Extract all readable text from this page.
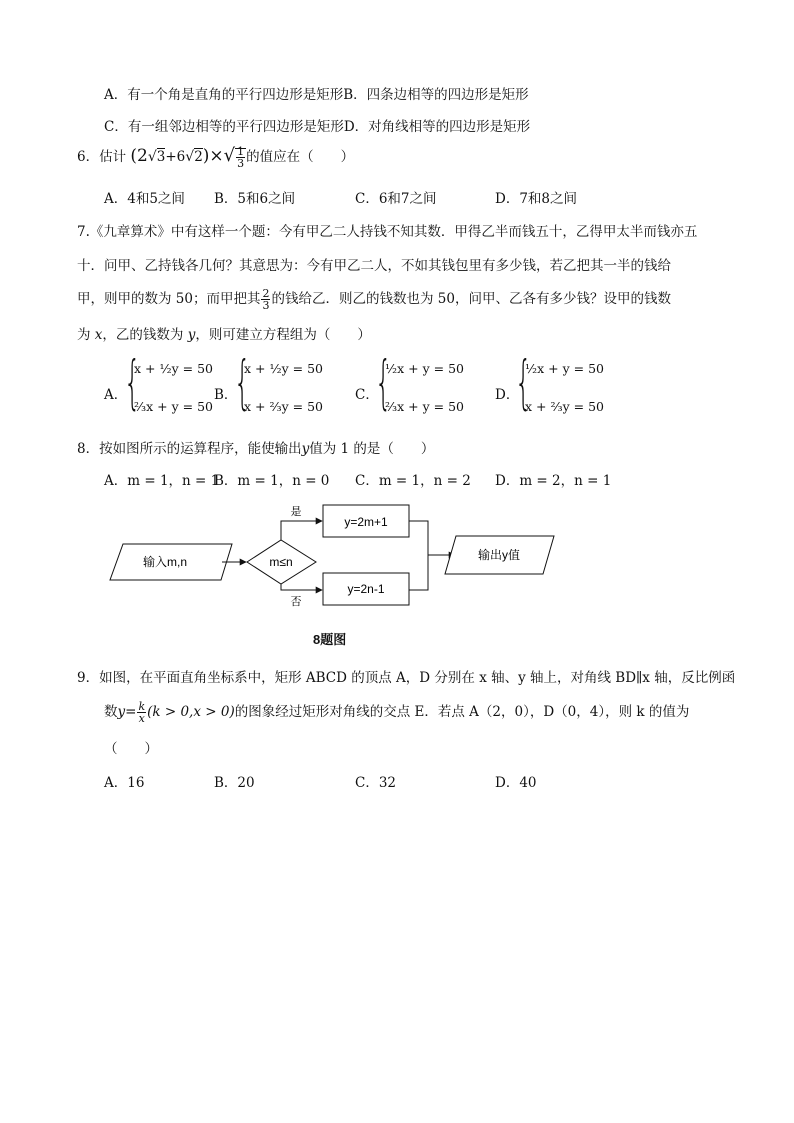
A．有一个角是直角的平行四边形是矩形B．四条边相等的四边形是矩形
C．有一组邻边相等的平行四边形是矩形D．对角线相等的四边形是矩形
6．估计 $(2√3+6√2)\times√ \frac{1}{3}$ 的值应在（　　）
A．4和5之间 B．5和6之间	C．6和7之间	D．7和8之间
7.《九章算术》中有这样一个题：今有甲乙二人持钱不知其数．甲得乙半而钱五十，乙得甲太半而钱亦五
十．问甲、乙持钱各几何？其意思为：今有甲乙二人，不如其钱包里有多少钱，若乙把其一半的钱给
甲，则甲的数为 50；而甲把其 $\frac{2}{3}$ 的钱给乙．则乙的钱数也为 50，问甲、乙各有多少钱？设甲的钱数
为 x，乙的钱数为 y，则可建立方程组为（　　）
A．
{
x + ½y = 50
⅔x + y = 50
B．
{
x + ½y = 50
x + ⅔y = 50
C．
{
½x + y = 50
⅔x + y = 50
D．
{
½x + y = 50
x + ⅔y = 50
8．按如图所示的运算程序，能使输出y值为 1 的是（　　）
A．m = 1，n = 1
B．m = 1，n = 0 C．m = 1，n = 2 D．m = 2，n = 1
输入m,n	m≤n
是
y=2m+1
否
y=2n-1
输出y值
8题图
9．如图，在平面直角坐标系中，矩形 ABCD 的顶点 A，D 分别在 x 轴、y 轴上，对角线 BD∥x 轴，反比例函
数$y= \frac{k}{x} (k > 0,x > 0)$的图象经过矩形对角线的交点 E．若点 A（2，0），D（0，4），则 k 的值为
（　　）
A．16	B．20	C．32	D．40
